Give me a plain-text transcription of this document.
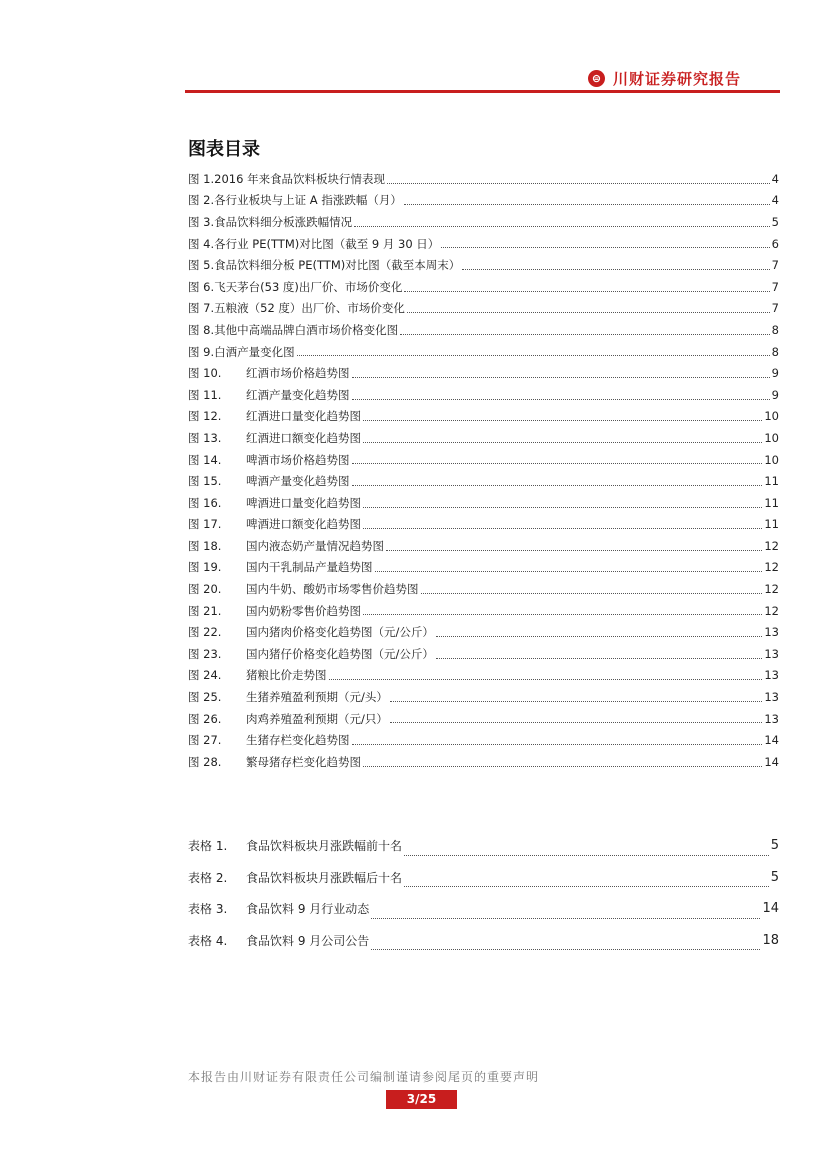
⊜ 川财证券研究报告
图表目录
图 1. 2016 年来食品饮料板块行情表现	4
图 2. 各行业板块与上证 A 指涨跌幅（月）	4
图 3. 食品饮料细分板涨跌幅情况	5
图 4. 各行业 PE(TTM)对比图（截至 9 月 30 日）	6
图 5. 食品饮料细分板 PE(TTM)对比图（截至本周末）	7
图 6. 飞天茅台(53 度)出厂价、市场价变化	7
图 7. 五粮液（52 度）出厂价、市场价变化	7
图 8. 其他中高端品牌白酒市场价格变化图	8
图 9. 白酒产量变化图	8
图 10.	红酒市场价格趋势图	9
图 11.	红酒产量变化趋势图	9
图 12.	红酒进口量变化趋势图	10
图 13.	红酒进口额变化趋势图	10
图 14.	啤酒市场价格趋势图	10
图 15.	啤酒产量变化趋势图	11
图 16.	啤酒进口量变化趋势图	11
图 17.	啤酒进口额变化趋势图	11
图 18.	国内液态奶产量情况趋势图	12
图 19.	国内干乳制品产量趋势图	12
图 20.	国内牛奶、酸奶市场零售价趋势图	12
图 21.	国内奶粉零售价趋势图	12
图 22.	国内猪肉价格变化趋势图（元/公斤）	13
图 23.	国内猪仔价格变化趋势图（元/公斤）	13
图 24.	猪粮比价走势图	13
图 25.	生猪养殖盈利预期（元/头）	13
图 26.	肉鸡养殖盈利预期（元/只）	13
图 27.	生猪存栏变化趋势图	14
图 28.	繁母猪存栏变化趋势图	14
表格 1.	食品饮料板块月涨跌幅前十名	5
表格 2.	食品饮料板块月涨跌幅后十名	5
表格 3.	食品饮料 9 月行业动态	14
表格 4.	食品饮料 9 月公司公告	18
本报告由川财证券有限责任公司编制谨请参阅尾页的重要声明
3/25
